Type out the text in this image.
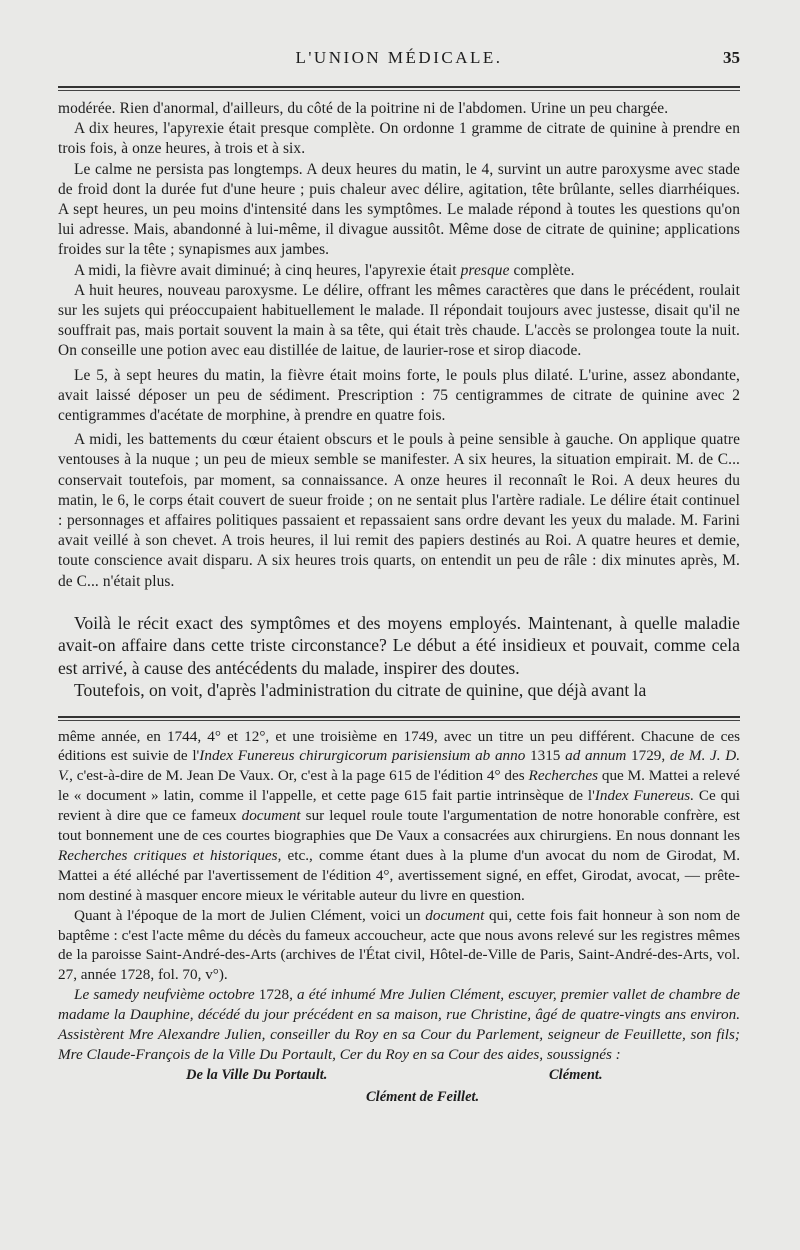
L'UNION MÉDICALE.	35

modérée. Rien d'anormal, d'ailleurs, du côté de la poitrine ni de l'abdomen. Urine un peu chargée.

A dix heures, l'apyrexie était presque complète. On ordonne 1 gramme de citrate de quinine à prendre en trois fois, à onze heures, à trois et à six.

Le calme ne persista pas longtemps. A deux heures du matin, le 4, survint un autre paroxysme avec stade de froid dont la durée fut d'une heure ; puis chaleur avec délire, agitation, tête brûlante, selles diarrhéiques. A sept heures, un peu moins d'intensité dans les symptômes. Le malade répond à toutes les questions qu'on lui adresse. Mais, abandonné à lui-même, il divague aussitôt. Même dose de citrate de quinine; applications froides sur la tête ; synapismes aux jambes.

A midi, la fièvre avait diminué; à cinq heures, l'apyrexie était presque complète.

A huit heures, nouveau paroxysme. Le délire, offrant les mêmes caractères que dans le précédent, roulait sur les sujets qui préoccupaient habituellement le malade. Il répondait toujours avec justesse, disait qu'il ne souffrait pas, mais portait souvent la main à sa tête, qui était très chaude. L'accès se prolongea toute la nuit. On conseille une potion avec eau distillée de laitue, de laurier-rose et sirop diacode.

Le 5, à sept heures du matin, la fièvre était moins forte, le pouls plus dilaté. L'urine, assez abondante, avait laissé déposer un peu de sédiment. Prescription : 75 centigrammes de citrate de quinine avec 2 centigrammes d'acétate de morphine, à prendre en quatre fois.

A midi, les battements du cœur étaient obscurs et le pouls à peine sensible à gauche. On applique quatre ventouses à la nuque ; un peu de mieux semble se manifester. A six heures, la situation empirait. M. de C... conservait toutefois, par moment, sa connaissance. A onze heures il reconnaît le Roi. A deux heures du matin, le 6, le corps était couvert de sueur froide ; on ne sentait plus l'artère radiale. Le délire était continuel : personnages et affaires politiques passaient et repassaient sans ordre devant les yeux du malade. M. Farini avait veillé à son chevet. A trois heures, il lui remit des papiers destinés au Roi. A quatre heures et demie, toute conscience avait disparu. A six heures trois quarts, on entendit un peu de râle : dix minutes après, M. de C... n'était plus.

Voilà le récit exact des symptômes et des moyens employés. Maintenant, à quelle maladie avait-on affaire dans cette triste circonstance? Le début a été insidieux et pouvait, comme cela est arrivé, à cause des antécédents du malade, inspirer des doutes.

Toutefois, on voit, d'après l'administration du citrate de quinine, que déjà avant la

même année, en 1744, 4° et 12°, et une troisième en 1749, avec un titre un peu différent. Chacune de ces éditions est suivie de l'Index Funereus chirurgicorum parisiensium ab anno 1315 ad annum 1729, de M. J. D. V., c'est-à-dire de M. Jean De Vaux. Or, c'est à la page 615 de l'édition 4° des Recherches que M. Mattei a relevé le « document » latin, comme il l'appelle, et cette page 615 fait partie intrinsèque de l'Index Funereus. Ce qui revient à dire que ce fameux document sur lequel roule toute l'argumentation de notre honorable confrère, est tout bonnement une de ces courtes biographies que De Vaux a consacrées aux chirurgiens. En nous donnant les Recherches critiques et historiques, etc., comme étant dues à la plume d'un avocat du nom de Girodat, M. Mattei a été alléché par l'avertissement de l'édition 4°, avertissement signé, en effet, Girodat, avocat, — prête-nom destiné à masquer encore mieux le véritable auteur du livre en question.

Quant à l'époque de la mort de Julien Clément, voici un document qui, cette fois fait honneur à son nom de baptême : c'est l'acte même du décès du fameux accoucheur, acte que nous avons relevé sur les registres mêmes de la paroisse Saint-André-des-Arts (archives de l'État civil, Hôtel-de-Ville de Paris, Saint-André-des-Arts, vol. 27, année 1728, fol. 70, v°).

Le samedy neufvième octobre 1728, a été inhumé Mre Julien Clément, escuyer, premier vallet de chambre de madame la Dauphine, décédé du jour précédent en sa maison, rue Christine, âgé de quatre-vingts ans environ. Assistèrent Mre Alexandre Julien, conseiller du Roy en sa Cour du Parlement, seigneur de Feuillette, son fils; Mre Claude-François de la Ville Du Portault, Cer du Roy en sa Cour des aides, soussignés :

De la Ville Du Portault.	Clément.
Clément de Feillet.
